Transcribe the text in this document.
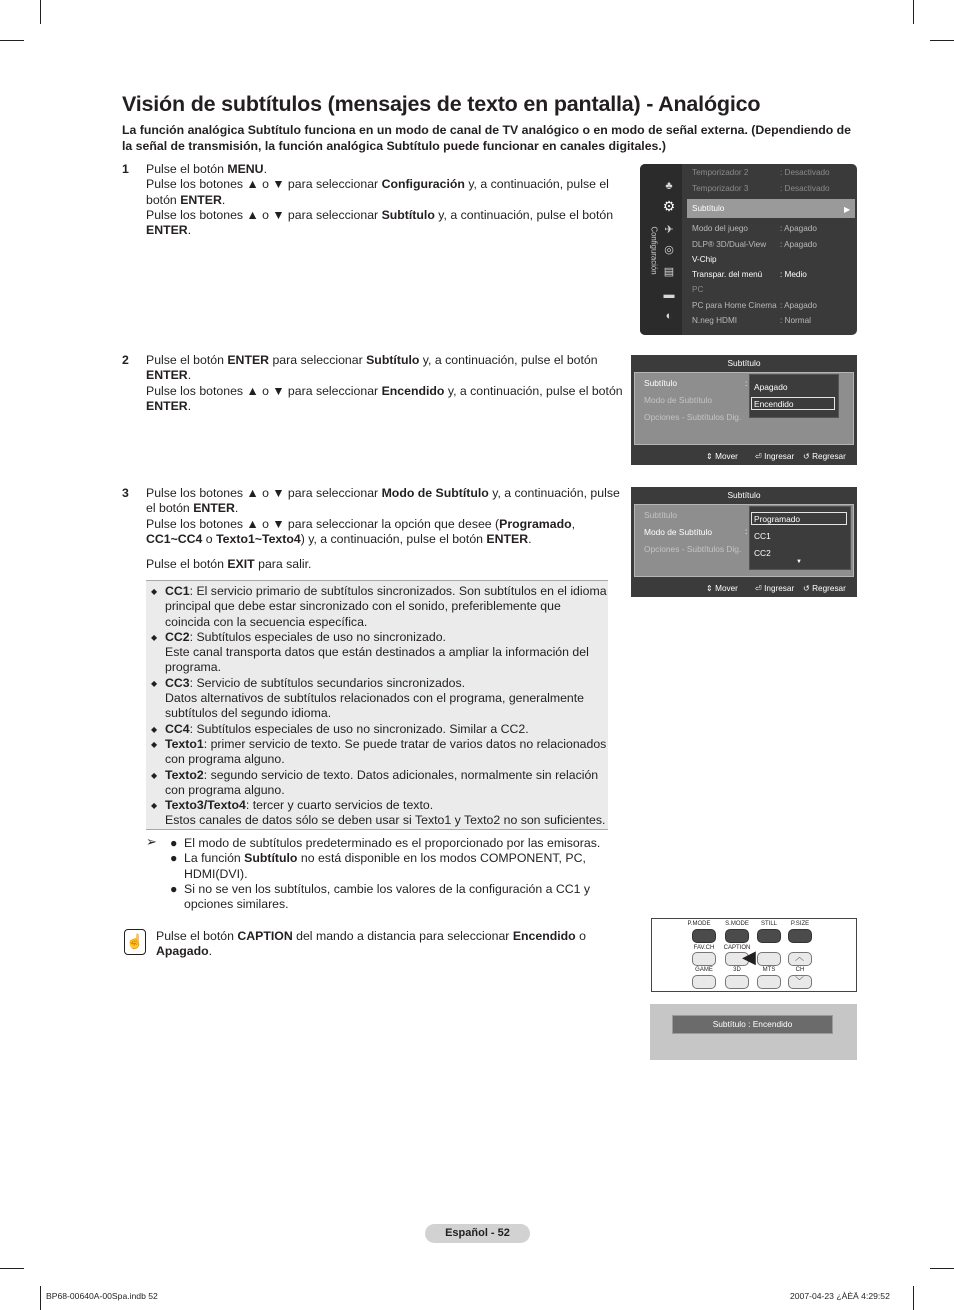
Visión de subtítulos (mensajes de texto en pantalla) - Analógico
La función analógica Subtítulo funciona en un modo de canal de TV analógico o en modo de señal externa. (Dependiendo de la señal de transmisión, la función analógica Subtítulo puede funcionar en canales digitales.)
1 Pulse el botón MENU.

Pulse los botones ▲ o ▼ para seleccionar Configuración y, a continuación, pulse el botón ENTER.

Pulse los botones ▲ o ▼ para seleccionar Subtítulo y, a continuación, pulse el botón ENTER.	Configuración
♣
⚙
✈
◎
▤
▬
◐
Temporizador 2	: Desactivado
Temporizador 3	: Desactivado
Subtítulo	▶
Modo del juego	: Apagado
DLP® 3D/Dual-View : Apagado
V-Chip
Transpar. del menú : Medio
PC
PC para Home Cinema : Apagado
N.neg HDMI	: Normal
2 Pulse el botón ENTER para seleccionar Subtítulo y, a continuación, pulse el botón ENTER.

Pulse los botones ▲ o ▼ para seleccionar Encendido y, a continuación, pulse el botón ENTER.

Subtítulo
Subtítulo	:
Modo de Subtítulo
Opciones - Subtítulos Dig.
Apagado
Encendido
⇕ Mover ⏎ Ingresar ↺ Regresar
3 Pulse los botones ▲ o ▼ para seleccionar Modo de Subtítulo y, a continuación, pulse el botón ENTER.

Pulse los botones ▲ o ▼ para seleccionar la opción que desee (Programado, CC1~CC4 o Texto1~Texto4) y, a continuación, pulse el botón ENTER.

Pulse el botón EXIT para salir.

Subtítulo
Subtítulo
:
Modo de Subtítulo
Opciones - Subtítulos Dig.
Programado
CC1
CC2
▼
⇕ Mover ⏎ Ingresar ↺ Regresar
◆ CC1: El servicio primario de subtítulos sincronizados. Son subtítulos en el idioma principal que debe estar sincronizado con el sonido, preferiblemente que coincida con la secuencia específica.
◆ CC2: Subtítulos especiales de uso no sincronizado.
Este canal transporta datos que están destinados a ampliar la información del programa.
◆ CC3: Servicio de subtítulos secundarios sincronizados.
Datos alternativos de subtítulos relacionados con el programa, generalmente subtítulos del segundo idioma.
◆ CC4: Subtítulos especiales de uso no sincronizado. Similar a CC2.
◆ Texto1: primer servicio de texto. Se puede tratar de varios datos no relacionados con programa alguno.
◆ Texto2: segundo servicio de texto. Datos adicionales, normalmente sin relación con programa alguno.
◆ Texto3/Texto4: tercer y cuarto servicios de texto.
Estos canales de datos sólo se deben usar si Texto1 y Texto2 no son suficientes.
➢ ● El modo de subtítulos predeterminado es el proporcionado por las emisoras.
● La función Subtítulo no está disponible en los modos COMPONENT, PC, HDMI(DVI).
● Si no se ven los subtítulos, cambie los valores de la configuración a CC1 y opciones similares.
☝ Pulse el botón CAPTION del mando a distancia para seleccionar Encendido o Apagado.

P.MODE	S.MODE	STILL	P.SIZE
FAV.CH	CAPTION
◀	︿
GAME	3D	MTS	CH
﹀
Subtítulo : Encendido
Español - 52
BP68-00640A-00Spa.indb 52	2007-04-23 ¿ÀÈÄ 4:29:52
